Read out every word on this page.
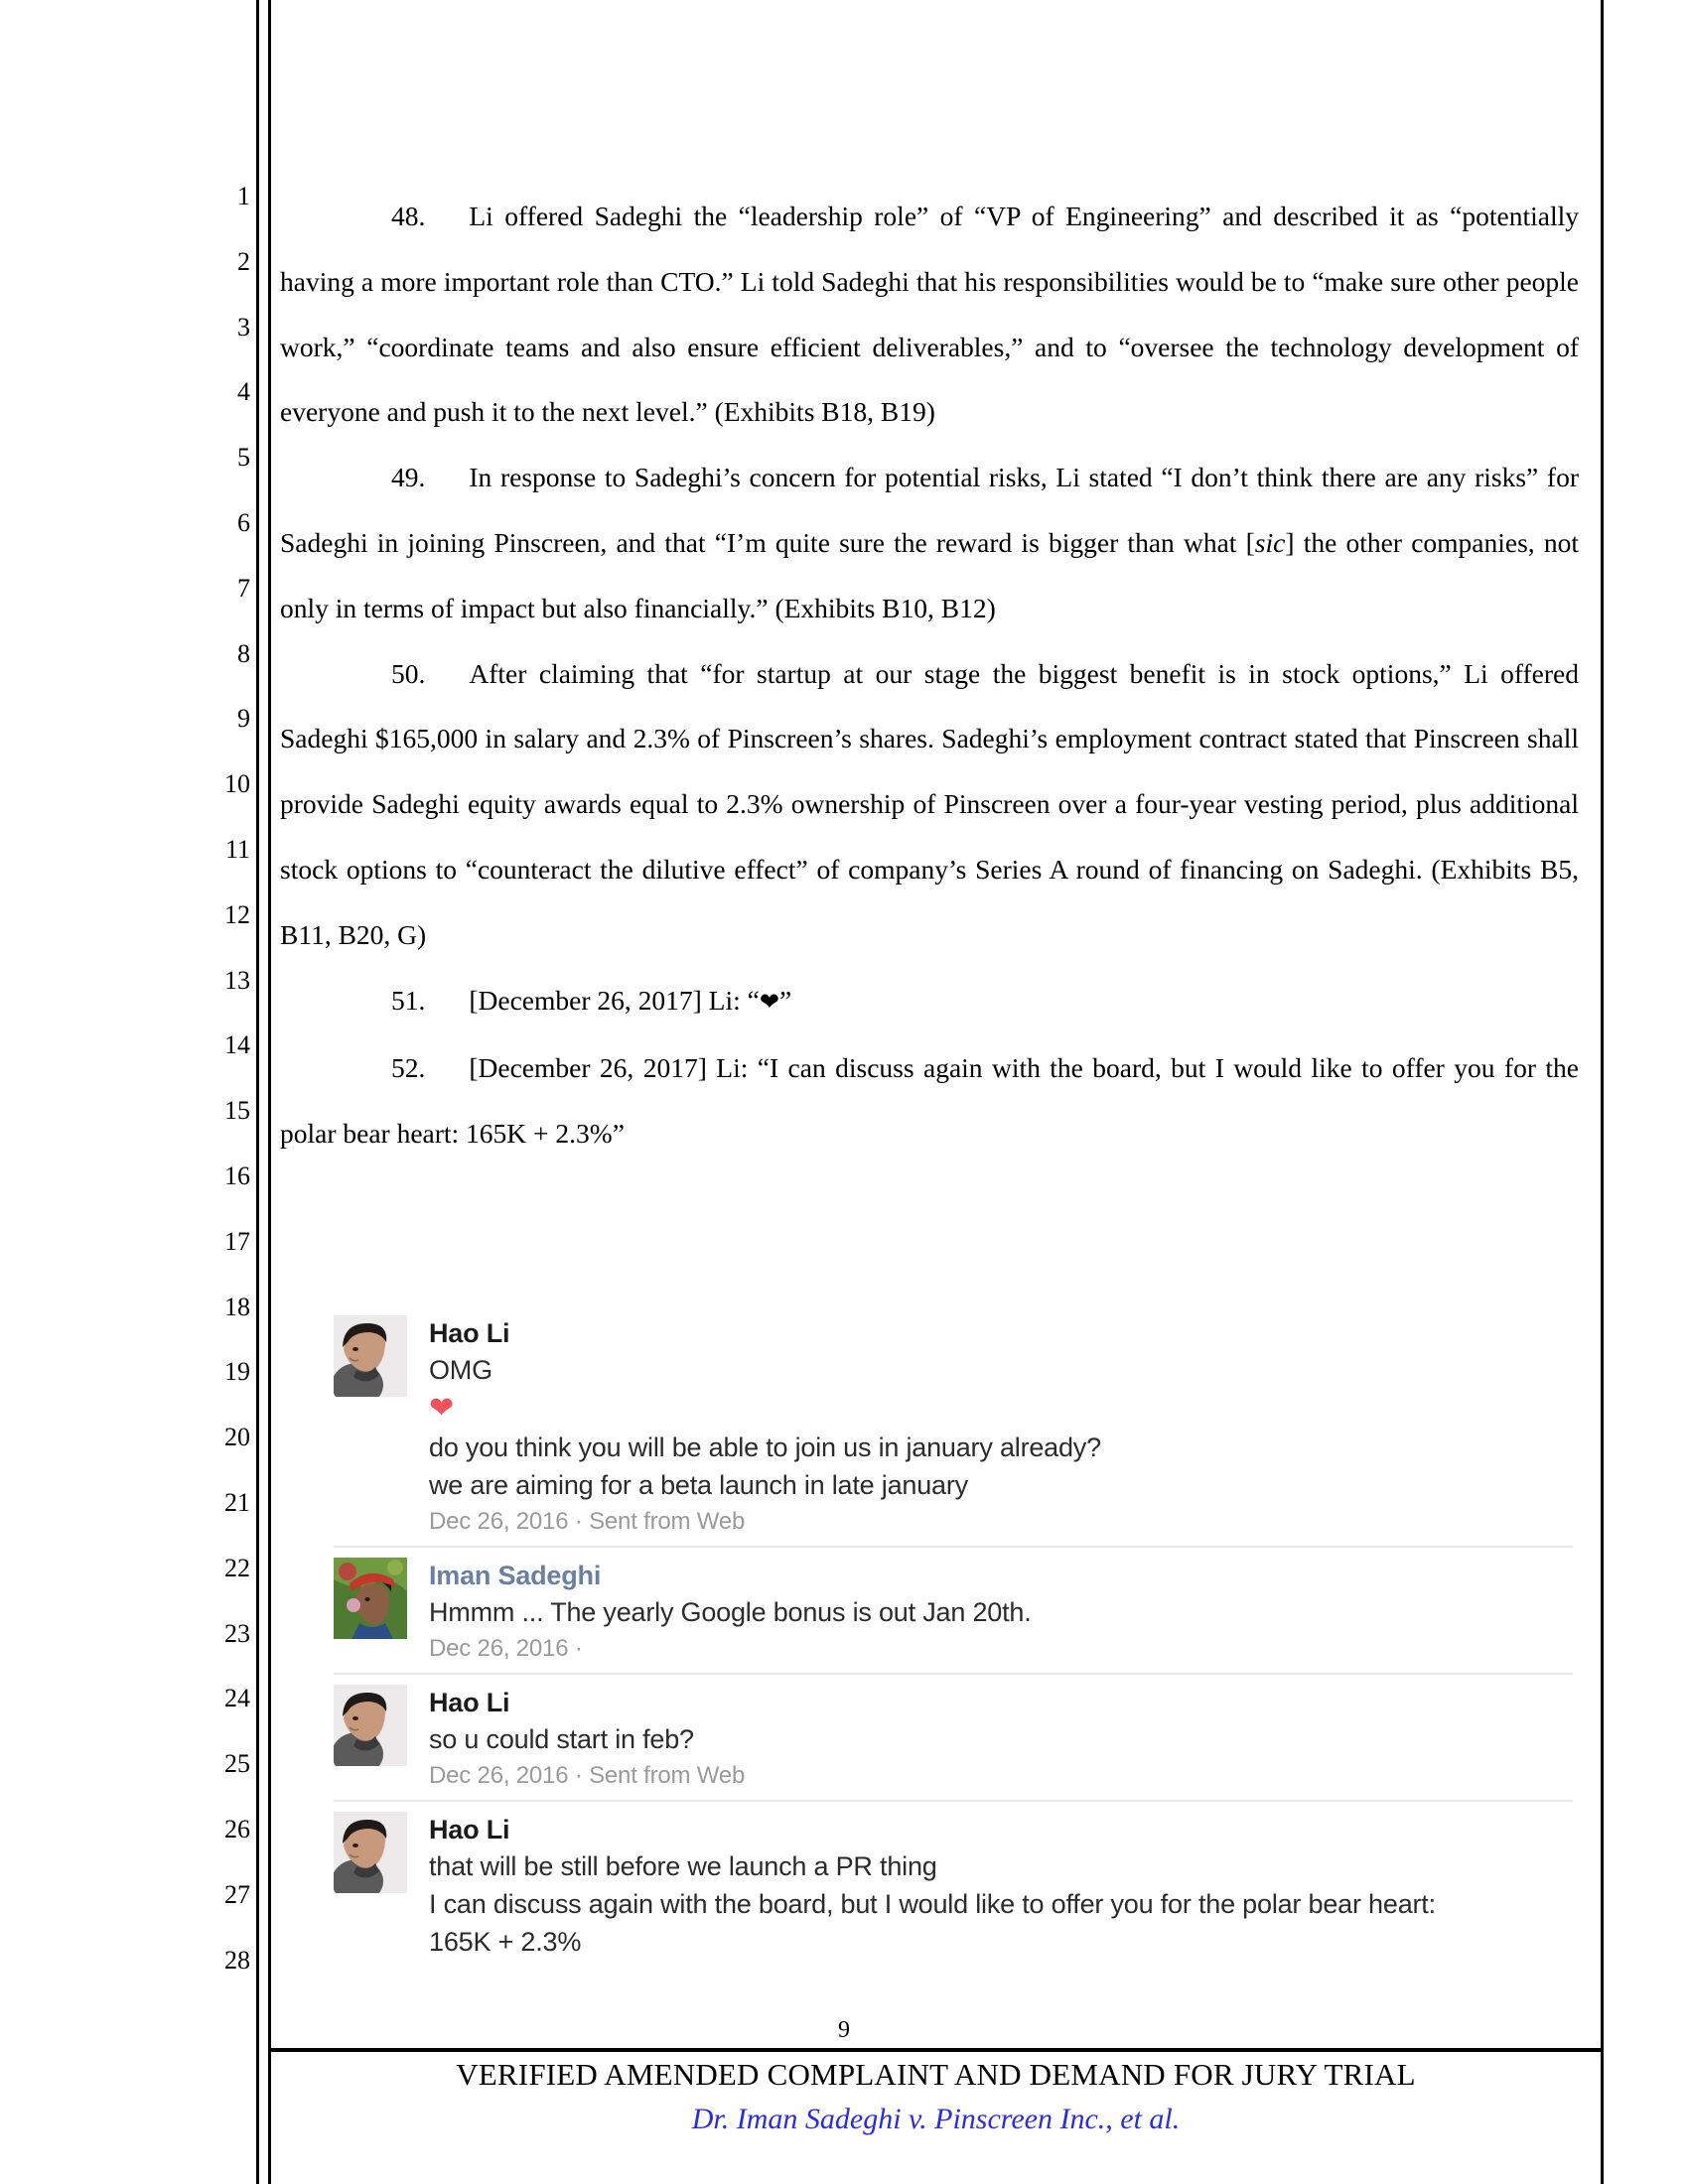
1
2
3
4
5
6
7
8
9
10
11
12
13
14
15
16
17
18
19
20
21
22
23
24
25
26
27
28

48. Li offered Sadeghi the “leadership role” of “VP of Engineering” and described it as “potentially having a more important role than CTO.” Li told Sadeghi that his responsibilities would be to “make sure other people work,” “coordinate teams and also ensure efficient deliverables,” and to “oversee the technology development of everyone and push it to the next level.” (Exhibits B18, B19)

49. In response to Sadeghi’s concern for potential risks, Li stated “I don’t think there are any risks” for Sadeghi in joining Pinscreen, and that “I’m quite sure the reward is bigger than what [sic] the other companies, not only in terms of impact but also financially.” (Exhibits B10, B12)

50. After claiming that “for startup at our stage the biggest benefit is in stock options,” Li offered Sadeghi $165,000 in salary and 2.3% of Pinscreen’s shares. Sadeghi’s employment contract stated that Pinscreen shall provide Sadeghi equity awards equal to 2.3% ownership of Pinscreen over a four-year vesting period, plus additional stock options to “counteract the dilutive effect” of company’s Series A round of financing on Sadeghi. (Exhibits B5, B11, B20, G)

51. [December 26, 2017] Li: “❤”

52. [December 26, 2017] Li: “I can discuss again with the board, but I would like to offer you for the polar bear heart: 165K + 2.3%”

Hao Li
OMG
❤
do you think you will be able to join us in january already?
we are aiming for a beta launch in late january
Dec 26, 2016 · Sent from Web
Iman Sadeghi
Hmmm ... The yearly Google bonus is out Jan 20th.
Dec 26, 2016 ·
Hao Li
so u could start in feb?
Dec 26, 2016 · Sent from Web
Hao Li
that will be still before we launch a PR thing
I can discuss again with the board, but I would like to offer you for the polar bear heart:
165K + 2.3%
9
VERIFIED AMENDED COMPLAINT AND DEMAND FOR JURY TRIAL
Dr. Iman Sadeghi v. Pinscreen Inc., et al.
